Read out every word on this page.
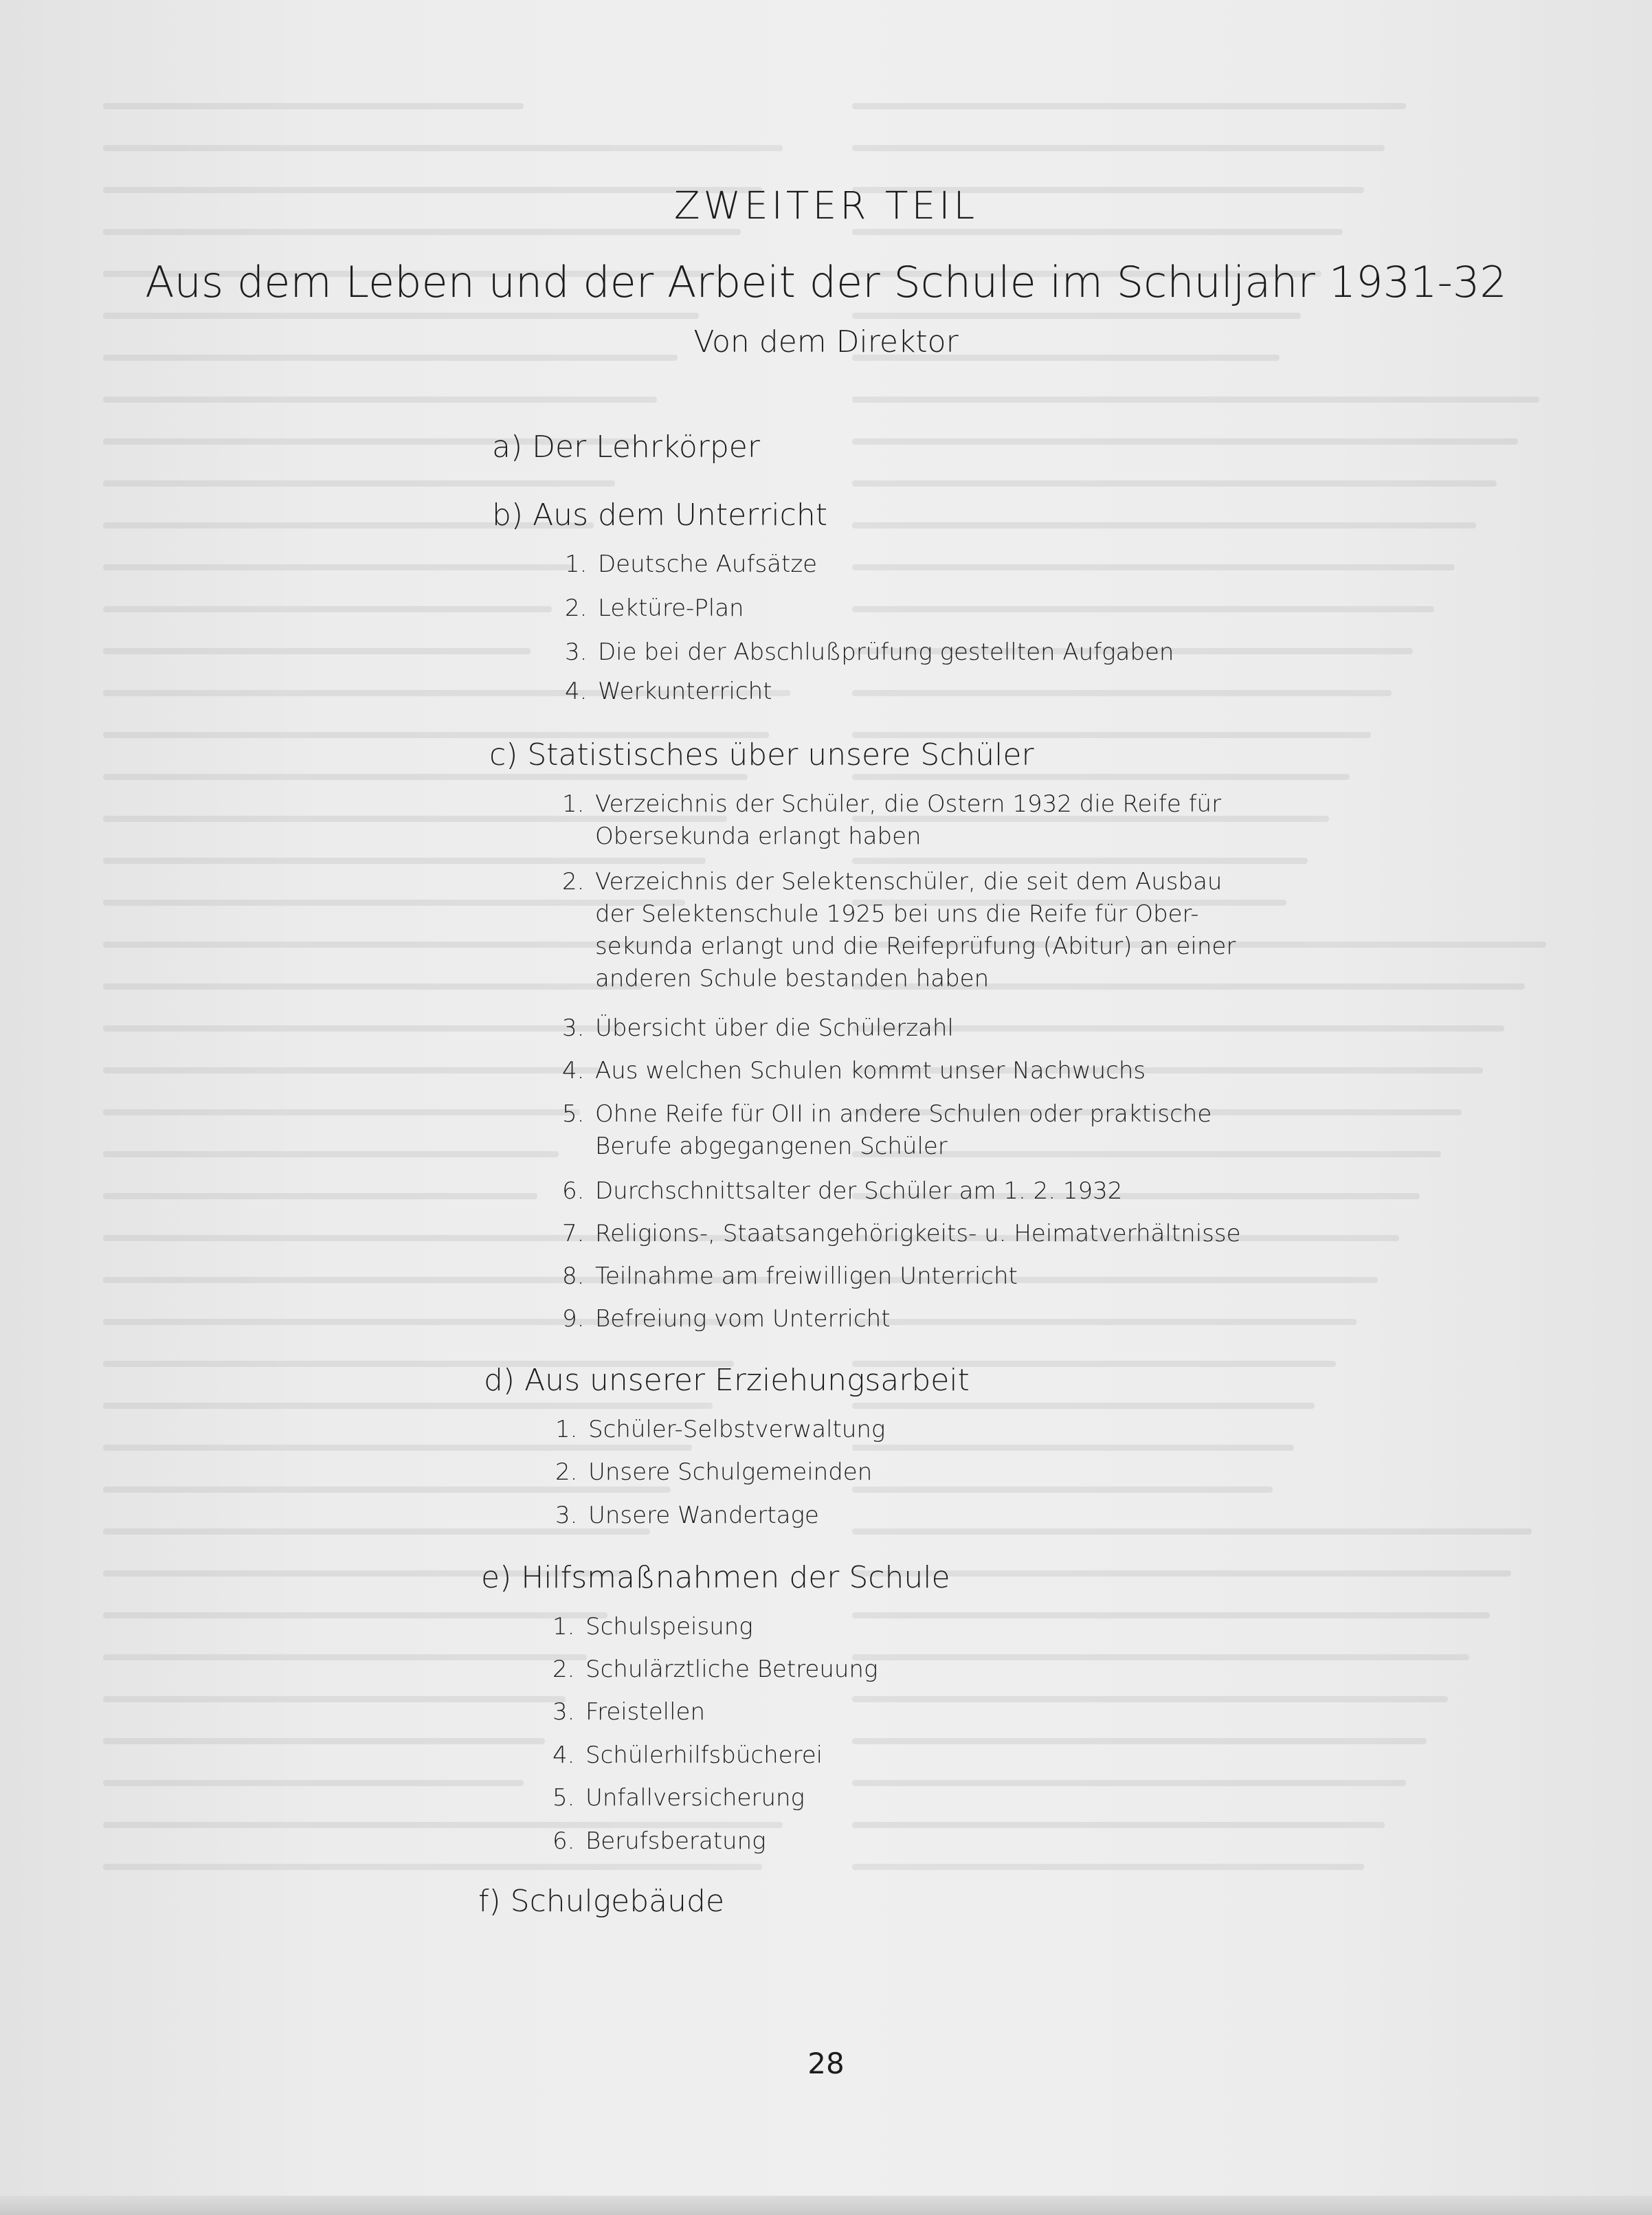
ZWEITER TEIL
Aus dem Leben und der Arbeit der Schule im Schuljahr 1931-32
Von dem Direktor
a) Der Lehrkörper
b) Aus dem Unterricht
1. Deutsche Aufsätze
2. Lektüre-Plan
3. Die bei der Abschlußprüfung gestellten Aufgaben
4. Werkunterricht
c) Statistisches über unsere Schüler
1. Verzeichnis der Schüler, die Ostern 1932 die Reife für
Obersekunda erlangt haben
2. Verzeichnis der Selektenschüler, die seit dem Ausbau
der Selektenschule 1925 bei uns die Reife für Ober-
sekunda erlangt und die Reifeprüfung (Abitur) an einer
anderen Schule bestanden haben
3. Übersicht über die Schülerzahl
4. Aus welchen Schulen kommt unser Nachwuchs
5. Ohne Reife für OII in andere Schulen oder praktische
Berufe abgegangenen Schüler
6. Durchschnittsalter der Schüler am 1. 2. 1932
7. Religions-, Staatsangehörigkeits- u. Heimatverhältnisse
8. Teilnahme am freiwilligen Unterricht
9. Befreiung vom Unterricht
d) Aus unserer Erziehungsarbeit
1. Schüler-Selbstverwaltung
2. Unsere Schulgemeinden
3. Unsere Wandertage
e) Hilfsmaßnahmen der Schule
1. Schulspeisung
2. Schulärztliche Betreuung
3. Freistellen
4. Schülerhilfsbücherei
5. Unfallversicherung
6. Berufsberatung
f) Schulgebäude
28
